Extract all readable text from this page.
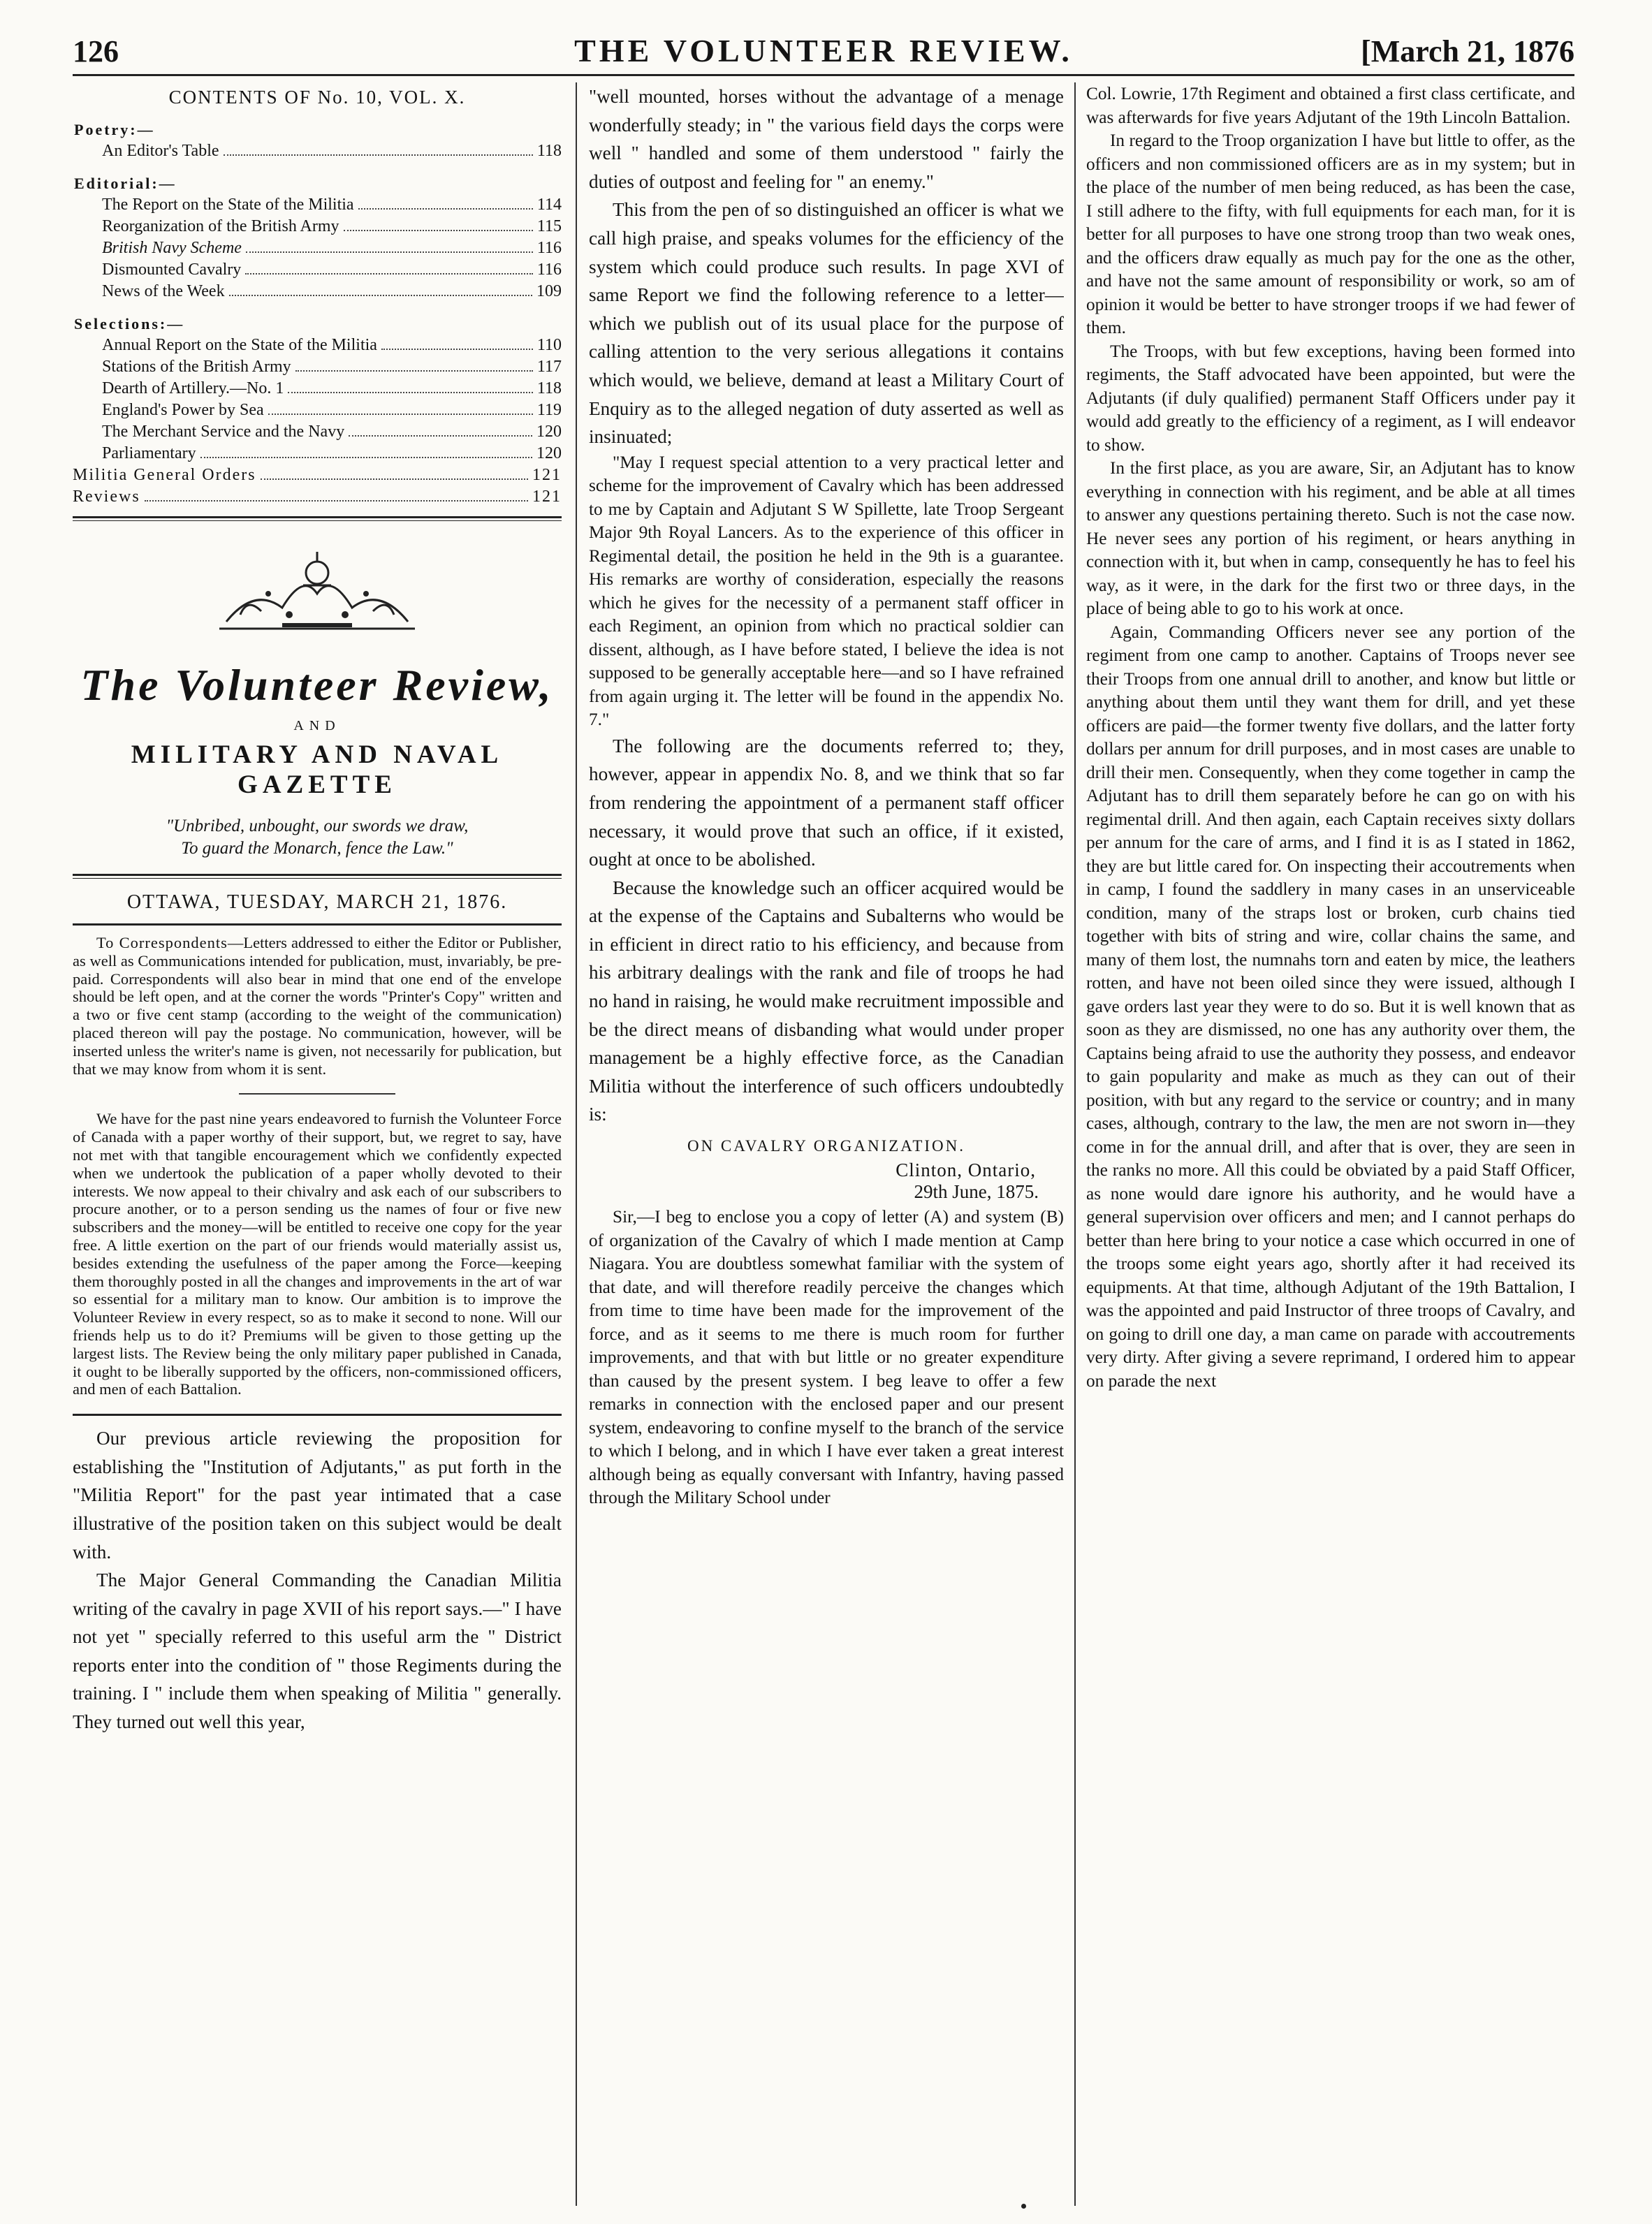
126	THE VOLUNTEER REVIEW.	[March 21, 1876
CONTENTS OF No. 10, VOL. X.
Poetry:—
An Editor's Table	118
Editorial:—
The Report on the State of the Militia	114
Reorganization of the British Army	115
British Navy Scheme	116
Dismounted Cavalry	116
News of the Week	109
Selections:—
Annual Report on the State of the Militia	110
Stations of the British Army	117
Dearth of Artillery.—No. 1	118
England's Power by Sea	119
The Merchant Service and the Navy	120
Parliamentary	120
Militia General Orders	121
Reviews	121
The Volunteer Review,
AND
MILITARY AND NAVAL GAZETTE
"Unbribed, unbought, our swords we draw,
To guard the Monarch, fence the Law."
OTTAWA, TUESDAY, MARCH 21, 1876.

To Correspondents—Letters addressed to either the Editor or Publisher, as well as Communications intended for publication, must, invariably, be pre-paid. Correspondents will also bear in mind that one end of the envelope should be left open, and at the corner the words "Printer's Copy" written and a two or five cent stamp (according to the weight of the communication) placed thereon will pay the postage. No communication, however, will be inserted unless the writer's name is given, not necessarily for publication, but that we may know from whom it is sent.

We have for the past nine years endeavored to furnish the Volunteer Force of Canada with a paper worthy of their support, but, we regret to say, have not met with that tangible encouragement which we confidently expected when we undertook the publication of a paper wholly devoted to their interests. We now appeal to their chivalry and ask each of our subscribers to procure another, or to a person sending us the names of four or five new subscribers and the money—will be entitled to receive one copy for the year free. A little exertion on the part of our friends would materially assist us, besides extending the usefulness of the paper among the Force—keeping them thoroughly posted in all the changes and improvements in the art of war so essential for a military man to know. Our ambition is to improve the Volunteer Review in every respect, so as to make it second to none. Will our friends help us to do it? Premiums will be given to those getting up the largest lists. The Review being the only military paper published in Canada, it ought to be liberally supported by the officers, non-commissioned officers, and men of each Battalion.

Our previous article reviewing the proposition for establishing the "Institution of Adjutants," as put forth in the "Militia Report" for the past year intimated that a case illustrative of the position taken on this subject would be dealt with.

The Major General Commanding the Canadian Militia writing of the cavalry in page XVII of his report says.—" I have not yet " specially referred to this useful arm the " District reports enter into the condition of " those Regiments during the training. I " include them when speaking of Militia " generally. They turned out well this year,

"well mounted, horses without the advantage of a menage wonderfully steady; in " the various field days the corps were well " handled and some of them understood " fairly the duties of outpost and feeling for " an enemy."

This from the pen of so distinguished an officer is what we call high praise, and speaks volumes for the efficiency of the system which could produce such results. In page XVI of same Report we find the following reference to a letter—which we publish out of its usual place for the purpose of calling attention to the very serious allegations it contains which would, we believe, demand at least a Military Court of Enquiry as to the alleged negation of duty asserted as well as insinuated;

"May I request special attention to a very practical letter and scheme for the improvement of Cavalry which has been addressed to me by Captain and Adjutant S W Spillette, late Troop Sergeant Major 9th Royal Lancers. As to the experience of this officer in Regimental detail, the position he held in the 9th is a guarantee. His remarks are worthy of consideration, especially the reasons which he gives for the necessity of a permanent staff officer in each Regiment, an opinion from which no practical soldier can dissent, although, as I have before stated, I believe the idea is not supposed to be generally acceptable here—and so I have refrained from again urging it. The letter will be found in the appendix No. 7."

The following are the documents referred to; they, however, appear in appendix No. 8, and we think that so far from rendering the appointment of a permanent staff officer necessary, it would prove that such an office, if it existed, ought at once to be abolished.

Because the knowledge such an officer acquired would be at the expense of the Captains and Subalterns who would be in efficient in direct ratio to his efficiency, and because from his arbitrary dealings with the rank and file of troops he had no hand in raising, he would make recruitment impossible and be the direct means of disbanding what would under proper management be a highly effective force, as the Canadian Militia without the interference of such officers undoubtedly is:

ON CAVALRY ORGANIZATION.
Clinton, Ontario,
29th June, 1875.

Sir,—I beg to enclose you a copy of letter (A) and system (B) of organization of the Cavalry of which I made mention at Camp Niagara. You are doubtless somewhat familiar with the system of that date, and will therefore readily perceive the changes which from time to time have been made for the improvement of the force, and as it seems to me there is much room for further improvements, and that with but little or no greater expenditure than caused by the present system. I beg leave to offer a few remarks in connection with the enclosed paper and our present system, endeavoring to confine myself to the branch of the service to which I belong, and in which I have ever taken a great interest although being as equally conversant with Infantry, having passed through the Military School under

Col. Lowrie, 17th Regiment and obtained a first class certificate, and was afterwards for five years Adjutant of the 19th Lincoln Battalion.

In regard to the Troop organization I have but little to offer, as the officers and non commissioned officers are as in my system; but in the place of the number of men being reduced, as has been the case, I still adhere to the fifty, with full equipments for each man, for it is better for all purposes to have one strong troop than two weak ones, and the officers draw equally as much pay for the one as the other, and have not the same amount of responsibility or work, so am of opinion it would be better to have stronger troops if we had fewer of them.

The Troops, with but few exceptions, having been formed into regiments, the Staff advocated have been appointed, but were the Adjutants (if duly qualified) permanent Staff Officers under pay it would add greatly to the efficiency of a regiment, as I will endeavor to show.

In the first place, as you are aware, Sir, an Adjutant has to know everything in connection with his regiment, and be able at all times to answer any questions pertaining thereto. Such is not the case now. He never sees any portion of his regiment, or hears anything in connection with it, but when in camp, consequently he has to feel his way, as it were, in the dark for the first two or three days, in the place of being able to go to his work at once.

Again, Commanding Officers never see any portion of the regiment from one camp to another. Captains of Troops never see their Troops from one annual drill to another, and know but little or anything about them until they want them for drill, and yet these officers are paid—the former twenty five dollars, and the latter forty dollars per annum for drill purposes, and in most cases are unable to drill their men. Consequently, when they come together in camp the Adjutant has to drill them separately before he can go on with his regimental drill. And then again, each Captain receives sixty dollars per annum for the care of arms, and I find it is as I stated in 1862, they are but little cared for. On inspecting their accoutrements when in camp, I found the saddlery in many cases in an unserviceable condition, many of the straps lost or broken, curb chains tied together with bits of string and wire, collar chains the same, and many of them lost, the numnahs torn and eaten by mice, the leathers rotten, and have not been oiled since they were issued, although I gave orders last year they were to do so. But it is well known that as soon as they are dismissed, no one has any authority over them, the Captains being afraid to use the authority they possess, and endeavor to gain popularity and make as much as they can out of their position, with but any regard to the service or country; and in many cases, although, contrary to the law, the men are not sworn in—they come in for the annual drill, and after that is over, they are seen in the ranks no more. All this could be obviated by a paid Staff Officer, as none would dare ignore his authority, and he would have a general supervision over officers and men; and I cannot perhaps do better than here bring to your notice a case which occurred in one of the troops some eight years ago, shortly after it had received its equipments. At that time, although Adjutant of the 19th Battalion, I was the appointed and paid Instructor of three troops of Cavalry, and on going to drill one day, a man came on parade with accoutrements very dirty. After giving a severe reprimand, I ordered him to appear on parade the next
